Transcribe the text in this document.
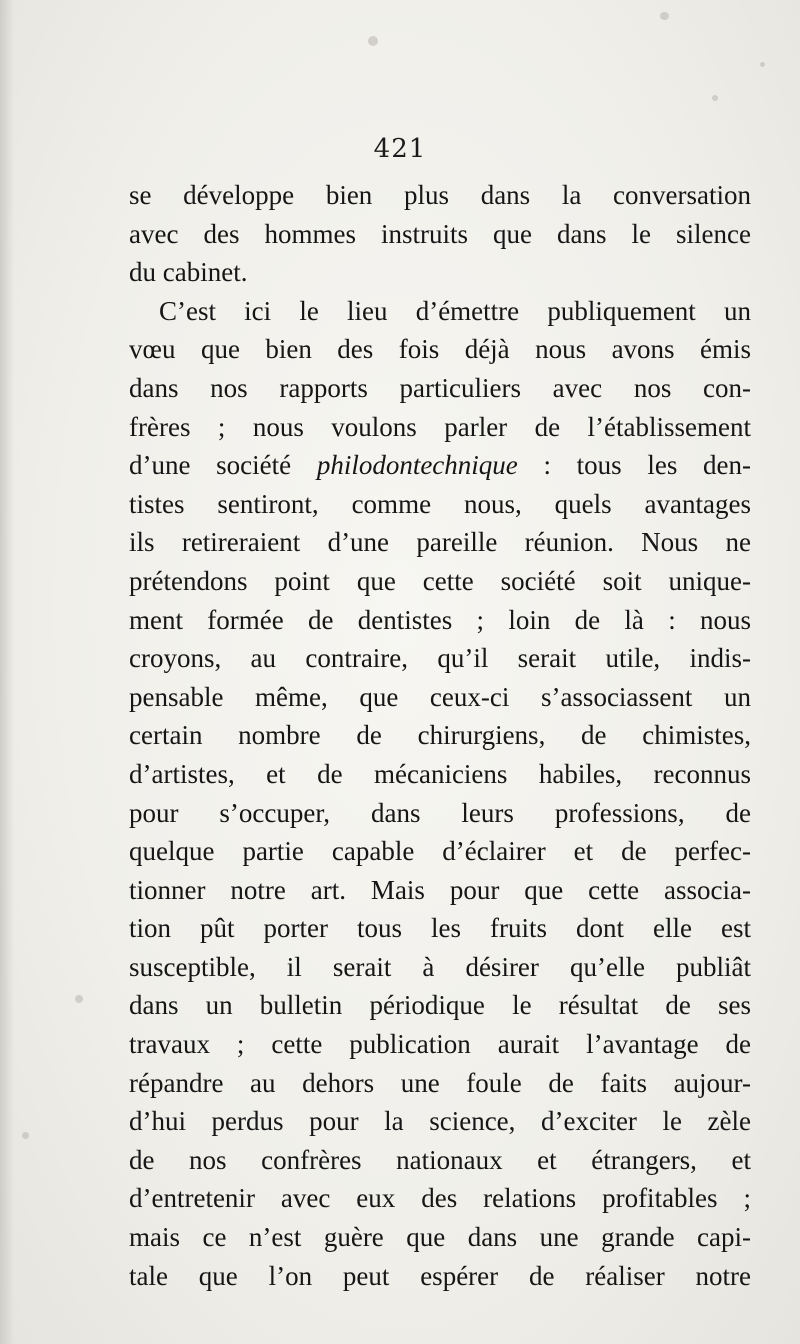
421
se développe bien plus dans la conversation
avec des hommes instruits que dans le silence
du cabinet.
C’est ici le lieu d’émettre publiquement un
vœu que bien des fois déjà nous avons émis
dans nos rapports particuliers avec nos con-
frères ; nous voulons parler de l’établissement
d’une société philodontechnique : tous les den-
tistes sentiront, comme nous, quels avantages
ils retireraient d’une pareille réunion. Nous ne
prétendons point que cette société soit unique-
ment formée de dentistes ; loin de là : nous
croyons, au contraire, qu’il serait utile, indis-
pensable même, que ceux-ci s’associassent un
certain nombre de chirurgiens, de chimistes,
d’artistes, et de mécaniciens habiles, reconnus
pour s’occuper, dans leurs professions, de
quelque partie capable d’éclairer et de perfec-
tionner notre art. Mais pour que cette associa-
tion pût porter tous les fruits dont elle est
susceptible, il serait à désirer qu’elle publiât
dans un bulletin périodique le résultat de ses
travaux ; cette publication aurait l’avantage de
répandre au dehors une foule de faits aujour-
d’hui perdus pour la science, d’exciter le zèle
de nos confrères nationaux et étrangers, et
d’entretenir avec eux des relations profitables ;
mais ce n’est guère que dans une grande capi-
tale que l’on peut espérer de réaliser notre
